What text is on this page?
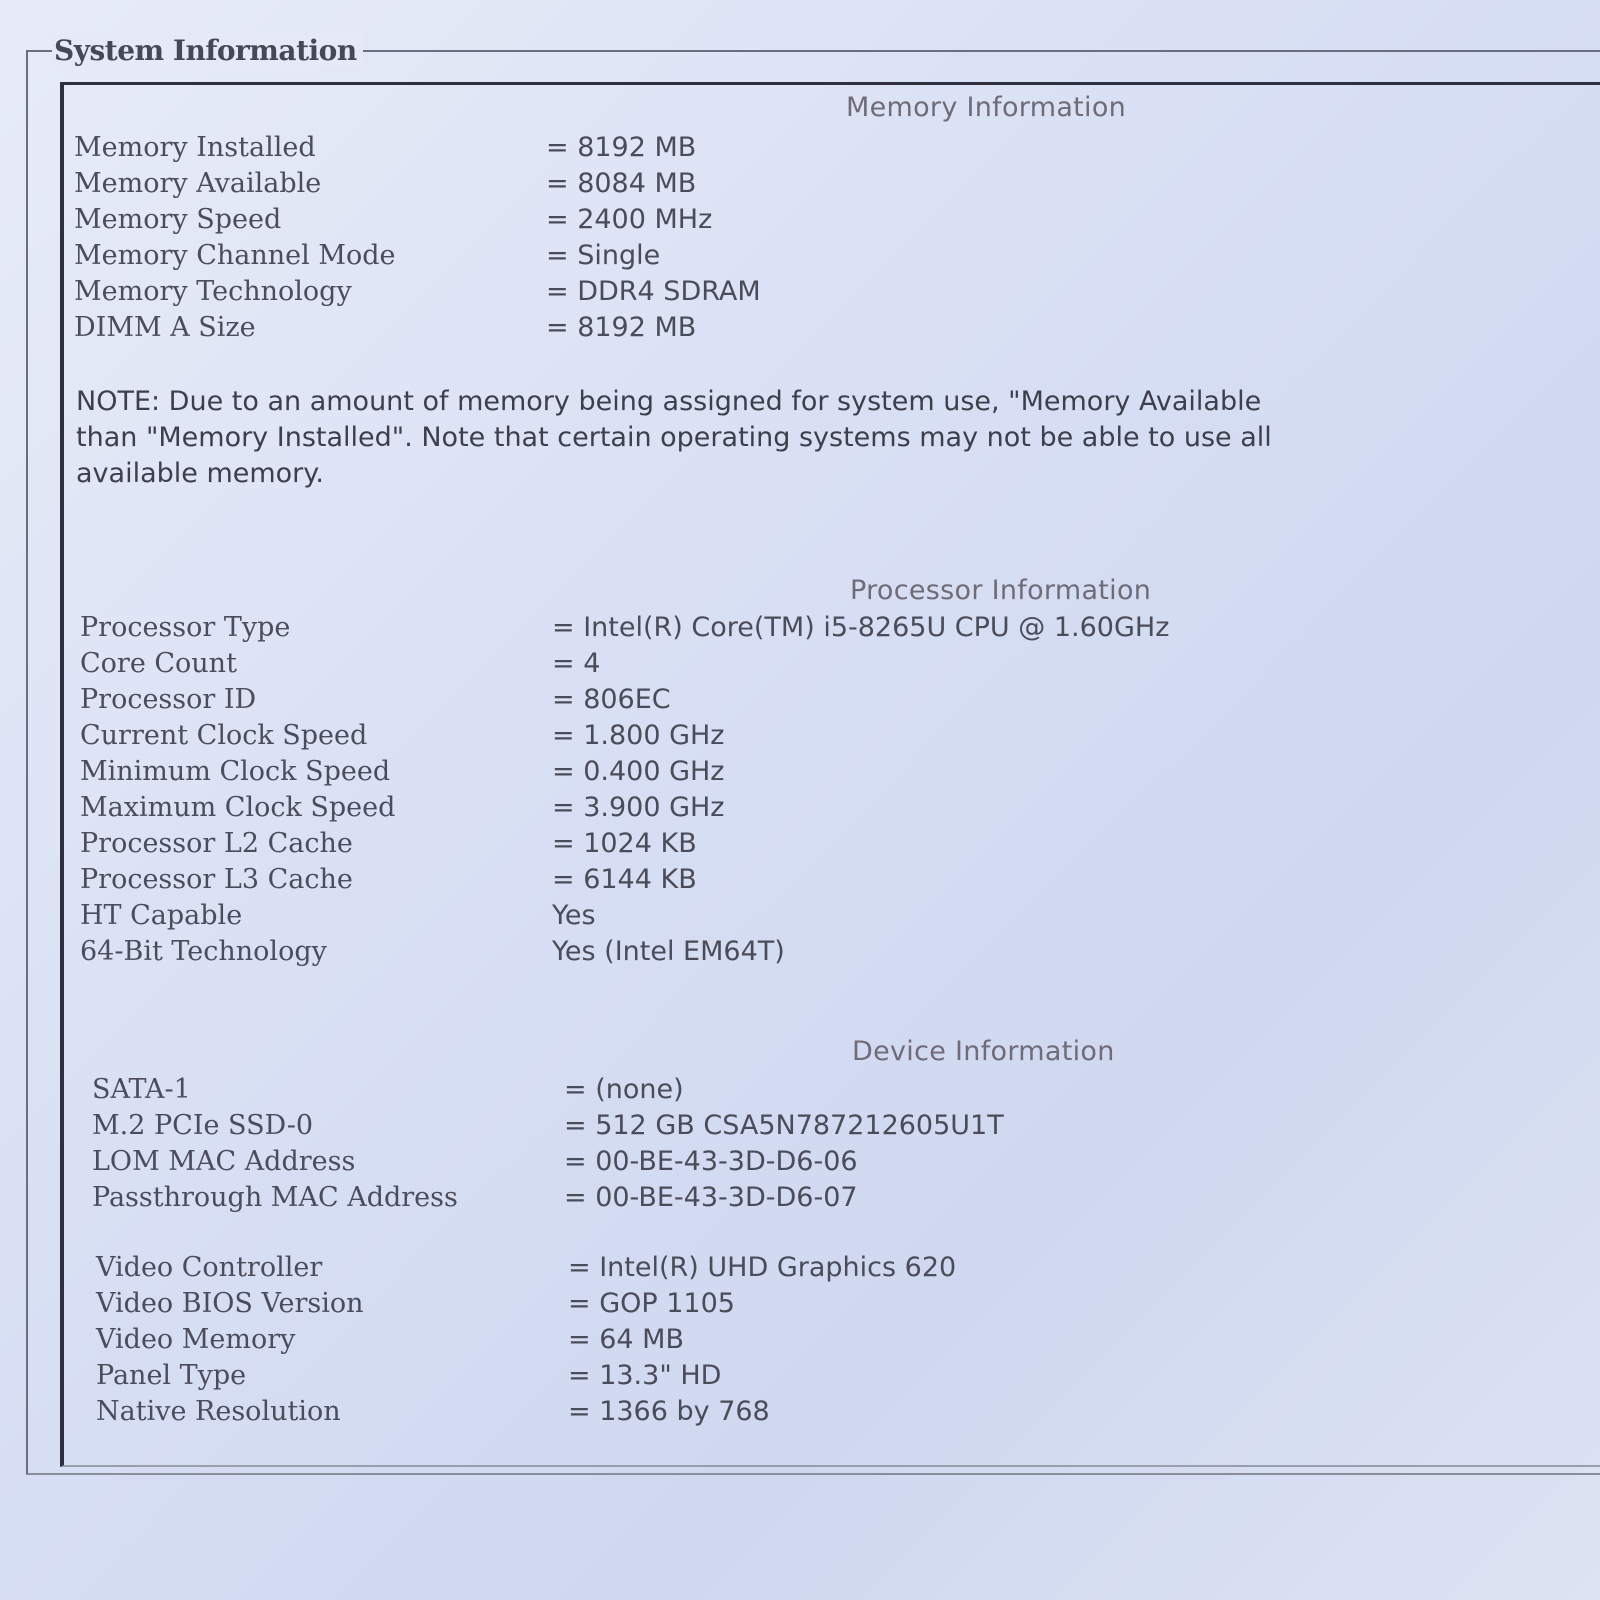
System Information
Memory Information
Memory Installed	= 8192 MB
Memory Available	= 8084 MB
Memory Speed	= 2400 MHz
Memory Channel Mode	= Single
Memory Technology	= DDR4 SDRAM
DIMM A Size	= 8192 MB
NOTE: Due to an amount of memory being assigned for system use, "Memory Available
than "Memory Installed". Note that certain operating systems may not be able to use all
available memory.
Processor Information
Processor Type	= Intel(R) Core(TM) i5-8265U CPU @ 1.60GHz
Core Count	= 4
Processor ID	= 806EC
Current Clock Speed	= 1.800 GHz
Minimum Clock Speed	= 0.400 GHz
Maximum Clock Speed	= 3.900 GHz
Processor L2 Cache	= 1024 KB
Processor L3 Cache	= 6144 KB
HT Capable	Yes
64-Bit Technology	Yes (Intel EM64T)
Device Information
SATA-1	= (none)
M.2 PCIe SSD-0	= 512 GB CSA5N787212605U1T
LOM MAC Address	= 00-BE-43-3D-D6-06
Passthrough MAC Address	= 00-BE-43-3D-D6-07
Video Controller	= Intel(R) UHD Graphics 620
Video BIOS Version	= GOP 1105
Video Memory	= 64 MB
Panel Type	= 13.3" HD
Native Resolution	= 1366 by 768
